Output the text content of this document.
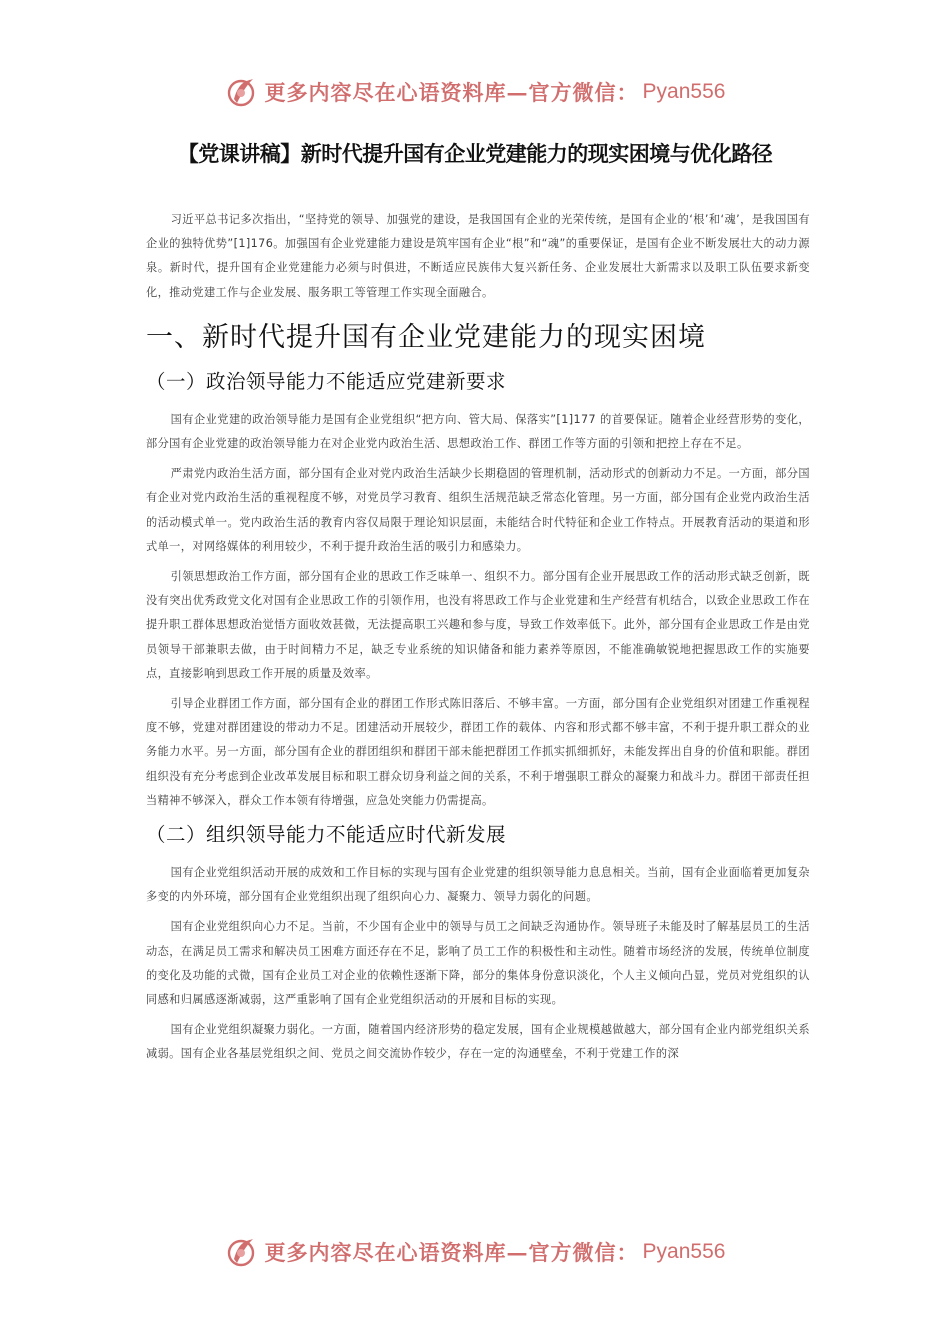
更多内容尽在心语资料库—官方微信： Pyan556
【党课讲稿】新时代提升国有企业党建能力的现实困境与优化路径

习近平总书记多次指出，“坚持党的领导、加强党的建设，是我国国有企业的光荣传统，是国有企业的‘根’和‘魂’，是我国国有企业的独特优势”[1]176。加强国有企业党建能力建设是筑牢国有企业“根”和“魂”的重要保证，是国有企业不断发展壮大的动力源泉。新时代，提升国有企业党建能力必须与时俱进，不断适应民族伟大复兴新任务、企业发展壮大新需求以及职工队伍要求新变化，推动党建工作与企业发展、服务职工等管理工作实现全面融合。

一、新时代提升国有企业党建能力的现实困境
（一）政治领导能力不能适应党建新要求

国有企业党建的政治领导能力是国有企业党组织“把方向、管大局、保落实”[1]177 的首要保证。随着企业经营形势的变化，部分国有企业党建的政治领导能力在对企业党内政治生活、思想政治工作、群团工作等方面的引领和把控上存在不足。

严肃党内政治生活方面，部分国有企业对党内政治生活缺少长期稳固的管理机制，活动形式的创新动力不足。一方面，部分国有企业对党内政治生活的重视程度不够，对党员学习教育、组织生活规范缺乏常态化管理。另一方面，部分国有企业党内政治生活的活动模式单一。党内政治生活的教育内容仅局限于理论知识层面，未能结合时代特征和企业工作特点。开展教育活动的渠道和形式单一，对网络媒体的利用较少，不利于提升政治生活的吸引力和感染力。

引领思想政治工作方面，部分国有企业的思政工作乏味单一、组织不力。部分国有企业开展思政工作的活动形式缺乏创新，既没有突出优秀政党文化对国有企业思政工作的引领作用，也没有将思政工作与企业党建和生产经营有机结合，以致企业思政工作在提升职工群体思想政治觉悟方面收效甚微，无法提高职工兴趣和参与度，导致工作效率低下。此外，部分国有企业思政工作是由党员领导干部兼职去做，由于时间精力不足，缺乏专业系统的知识储备和能力素养等原因，不能准确敏锐地把握思政工作的实施要点，直接影响到思政工作开展的质量及效率。

引导企业群团工作方面，部分国有企业的群团工作形式陈旧落后、不够丰富。一方面，部分国有企业党组织对团建工作重视程度不够，党建对群团建设的带动力不足。团建活动开展较少，群团工作的载体、内容和形式都不够丰富，不利于提升职工群众的业务能力水平。另一方面，部分国有企业的群团组织和群团干部未能把群团工作抓实抓细抓好，未能发挥出自身的价值和职能。群团组织没有充分考虑到企业改革发展目标和职工群众切身利益之间的关系，不利于增强职工群众的凝聚力和战斗力。群团干部责任担当精神不够深入，群众工作本领有待增强，应急处突能力仍需提高。

（二）组织领导能力不能适应时代新发展

国有企业党组织活动开展的成效和工作目标的实现与国有企业党建的组织领导能力息息相关。当前，国有企业面临着更加复杂多变的内外环境，部分国有企业党组织出现了组织向心力、凝聚力、领导力弱化的问题。

国有企业党组织向心力不足。当前，不少国有企业中的领导与员工之间缺乏沟通协作。领导班子未能及时了解基层员工的生活动态，在满足员工需求和解决员工困难方面还存在不足，影响了员工工作的积极性和主动性。随着市场经济的发展，传统单位制度的变化及功能的式微，国有企业员工对企业的依赖性逐渐下降，部分的集体身份意识淡化，个人主义倾向凸显，党员对党组织的认同感和归属感逐渐减弱，这严重影响了国有企业党组织活动的开展和目标的实现。

国有企业党组织凝聚力弱化。一方面，随着国内经济形势的稳定发展，国有企业规模越做越大，部分国有企业内部党组织关系减弱。国有企业各基层党组织之间、党员之间交流协作较少，存在一定的沟通壁垒，不利于党建工作的深

更多内容尽在心语资料库—官方微信： Pyan556
